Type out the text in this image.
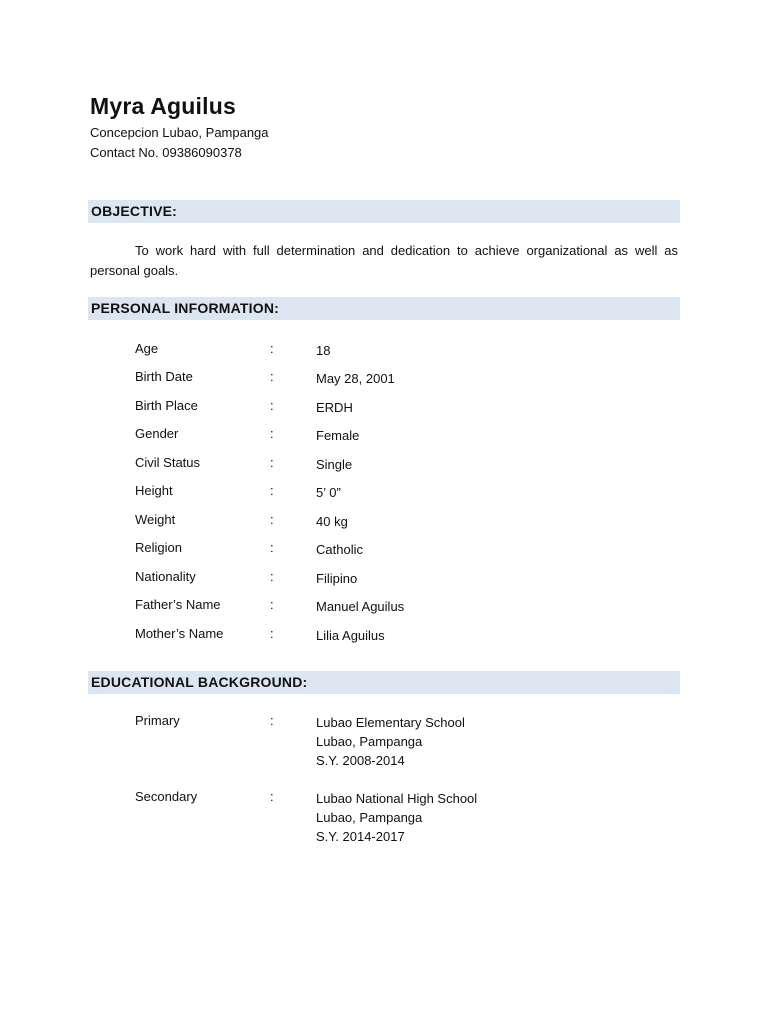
Myra Aguilus
Concepcion Lubao, Pampanga
Contact No. 09386090378
OBJECTIVE:
To work hard with full determination and dedication to achieve organizational as well as personal goals.
PERSONAL INFORMATION:
Age	:	18
Birth Date	:	May 28, 2001
Birth Place	:	ERDH
Gender	:	Female
Civil Status	:	Single
Height	:	5’ 0”
Weight	:	40 kg
Religion	:	Catholic
Nationality	:	Filipino
Father’s Name	:	Manuel Aguilus
Mother’s Name	:	Lilia Aguilus
EDUCATIONAL BACKGROUND:
Primary	:	Lubao Elementary School
Lubao, Pampanga
S.Y. 2008-2014
Secondary	:	Lubao National High School
Lubao, Pampanga
S.Y. 2014-2017
